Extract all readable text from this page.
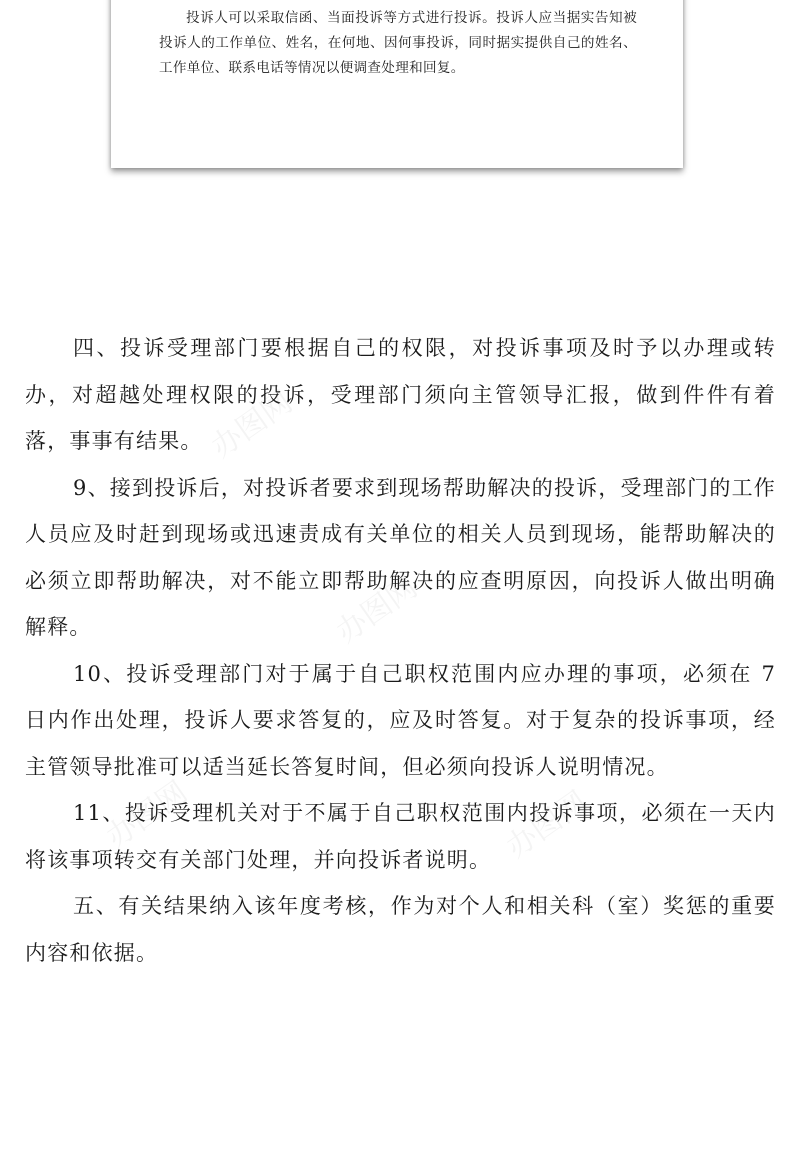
投诉人可以采取信函、当面投诉等方式进行投诉。投诉人应当据实告知被投诉人的工作单位、姓名，在何地、因何事投诉，同时据实提供自己的姓名、工作单位、联系电话等情况以便调查处理和回复。

四、投诉受理部门要根据自己的权限，对投诉事项及时予以办理或转办，对超越处理权限的投诉，受理部门须向主管领导汇报，做到件件有着落，事事有结果。

9、接到投诉后，对投诉者要求到现场帮助解决的投诉，受理部门的工作人员应及时赶到现场或迅速责成有关单位的相关人员到现场，能帮助解决的必须立即帮助解决，对不能立即帮助解决的应查明原因，向投诉人做出明确解释。

10、投诉受理部门对于属于自己职权范围内应办理的事项，必须在 7 日内作出处理，投诉人要求答复的，应及时答复。对于复杂的投诉事项，经主管领导批准可以适当延长答复时间，但必须向投诉人说明情况。

11、投诉受理机关对于不属于自己职权范围内投诉事项，必须在一天内将该事项转交有关部门处理，并向投诉者说明。

五、有关结果纳入该年度考核，作为对个人和相关科（室）奖惩的重要内容和依据。

办图网
办图网
办图网	办图网
